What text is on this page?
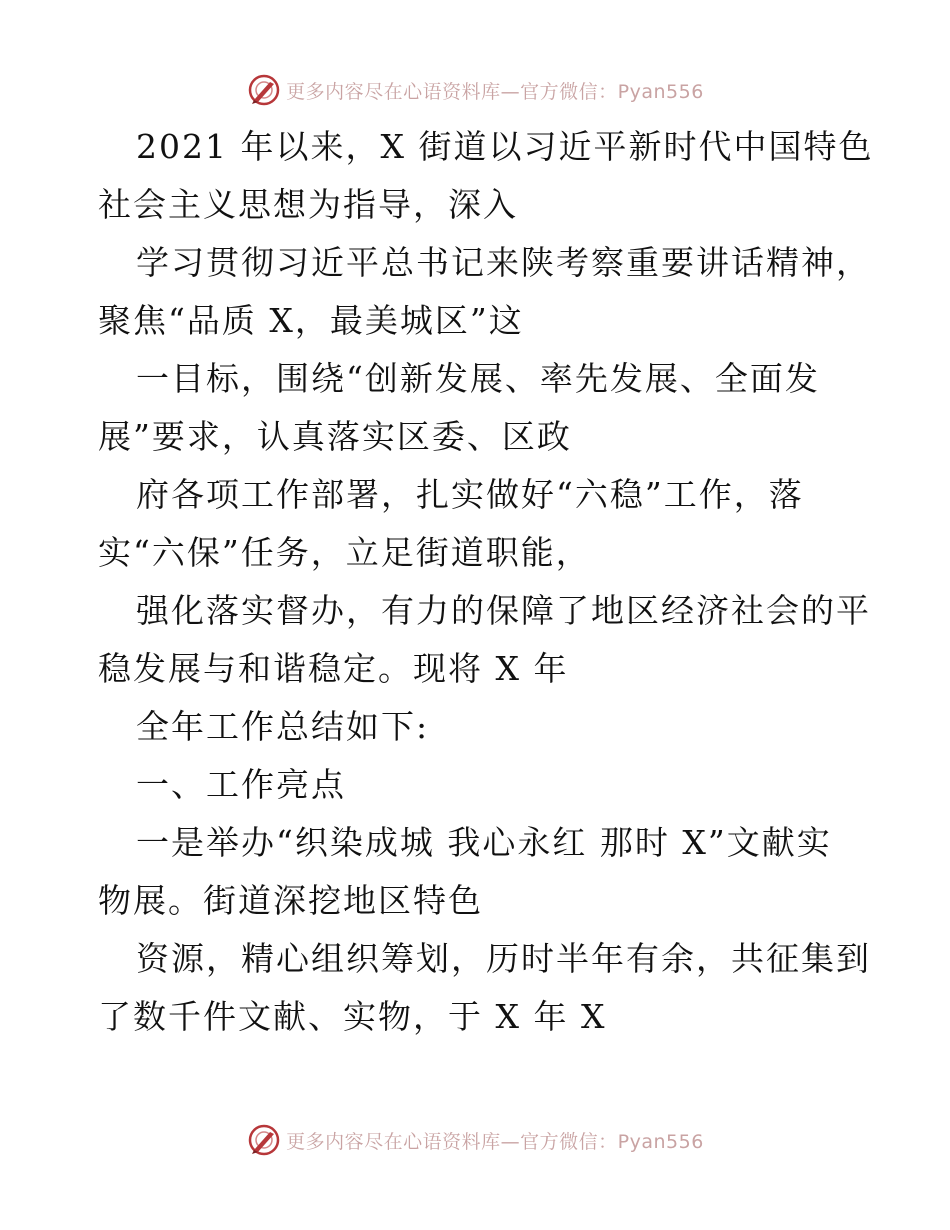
更多内容尽在心语资料库—官方微信：Pyan556
2021 年以来，X 街道以习近平新时代中国特色
社会主义思想为指导，深入
学习贯彻习近平总书记来陕考察重要讲话精神，
聚焦“品质 X，最美城区”这
一目标，围绕“创新发展、率先发展、全面发
展”要求，认真落实区委、区政
府各项工作部署，扎实做好“六稳”工作，落
实“六保”任务，立足街道职能，
强化落实督办，有力的保障了地区经济社会的平
稳发展与和谐稳定。现将 X 年
全年工作总结如下:
一、工作亮点
一是举办“织染成城 我心永红 那时 X”文献实
物展。街道深挖地区特色
资源，精心组织筹划，历时半年有余，共征集到
了数千件文献、实物，于 X 年 X
更多内容尽在心语资料库—官方微信：Pyan556
